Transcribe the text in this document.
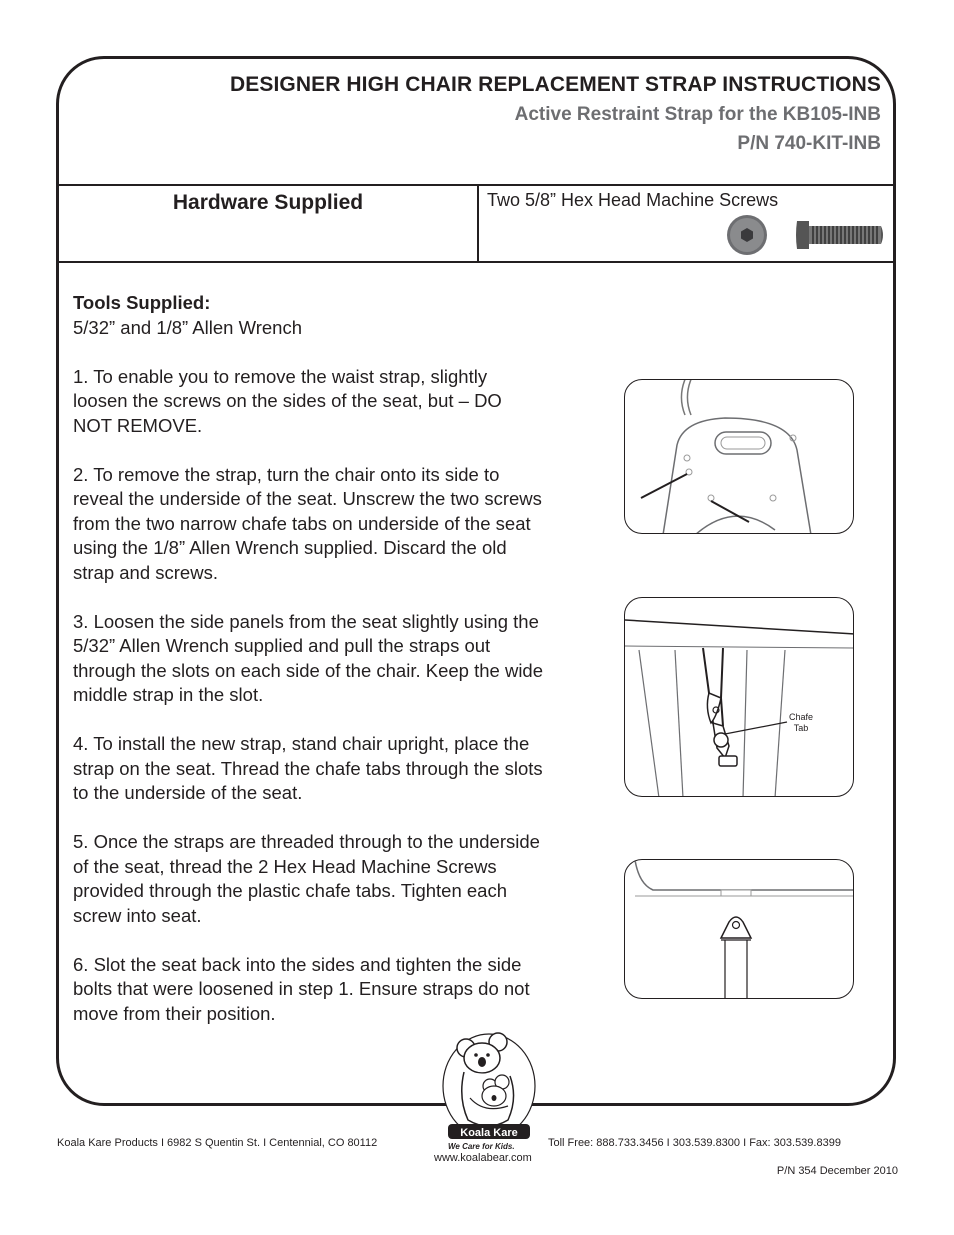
DESIGNER HIGH CHAIR REPLACEMENT STRAP INSTRUCTIONS
Active Restraint Strap for the KB105-INB
P/N 740-KIT-INB
Hardware Supplied	Two 5/8” Hex Head Machine Screws

Tools Supplied:
5/32” and 1/8” Allen Wrench

1. To enable you to remove the waist strap, slightly loosen the screws on the sides of the seat, but – DO NOT REMOVE.

2. To remove the strap, turn the chair onto its side to reveal the underside of the seat. Unscrew the two screws from the two narrow chafe tabs on underside of the seat using the 1/8” Allen Wrench supplied. Discard the old strap and screws.

3. Loosen the side panels from the seat slightly using the 5/32” Allen Wrench supplied and pull the straps out through the slots on each side of the chair. Keep the wide middle strap in the slot.

4. To install the new strap, stand chair upright, place the strap on the seat. Thread the chafe tabs through the slots to the underside of the seat.

5. Once the straps are threaded through to the underside of the seat, thread the 2 Hex Head Machine Screws provided through the plastic chafe tabs. Tighten each screw into seat.

6. Slot the seat back into the sides and tighten the side bolts that were loosened in step 1. Ensure straps do not move from their position.

Chafe
Tab
Koala Kare
We Care for Kids.
Koala Kare Products I 6982 S Quentin St. I Centennial, CO 80112	Toll Free: 888.733.3456 I 303.539.8300 I Fax: 303.539.8399
www.koalabear.com
P/N 354 December 2010
